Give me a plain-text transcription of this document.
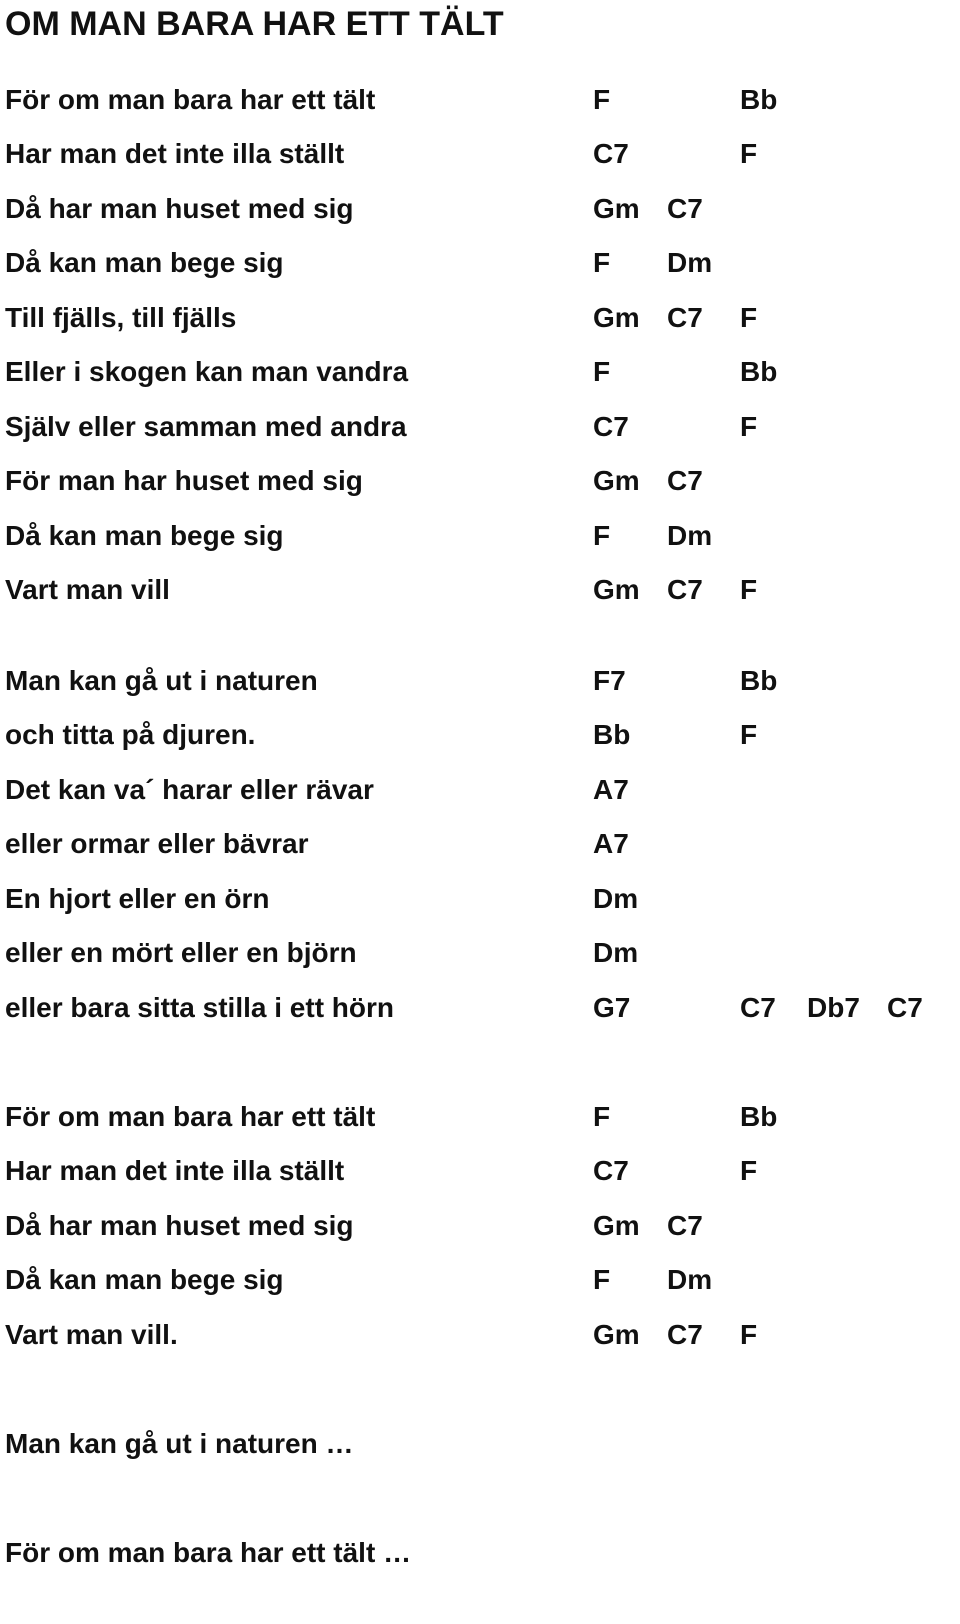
OM MAN BARA HAR ETT TÄLT
För om man bara har ett tält	F	Bb
Har man det inte illa ställt	C7	F
Då har man huset med sig	Gm C7
Då kan man bege sig	F Dm
Till fjälls, till fjälls	Gm C7 F
Eller i skogen kan man vandra	F	Bb
Själv eller samman med andra	C7	F
För man har huset med sig	Gm C7
Då kan man bege sig	F Dm
Vart man vill	Gm C7 F
Man kan gå ut i naturen	F7	Bb
och titta på djuren.	Bb	F
Det kan va´ harar eller rävar	A7
eller ormar eller bävrar	A7
En hjort eller en örn	Dm
eller en mört eller en björn	Dm
eller bara sitta stilla i ett hörn	G7	C7 Db7 C7
För om man bara har ett tält	F	Bb
Har man det inte illa ställt	C7	F
Då har man huset med sig	Gm C7
Då kan man bege sig	F Dm
Vart man vill.	Gm C7 F
Man kan gå ut i naturen …
För om man bara har ett tält …
